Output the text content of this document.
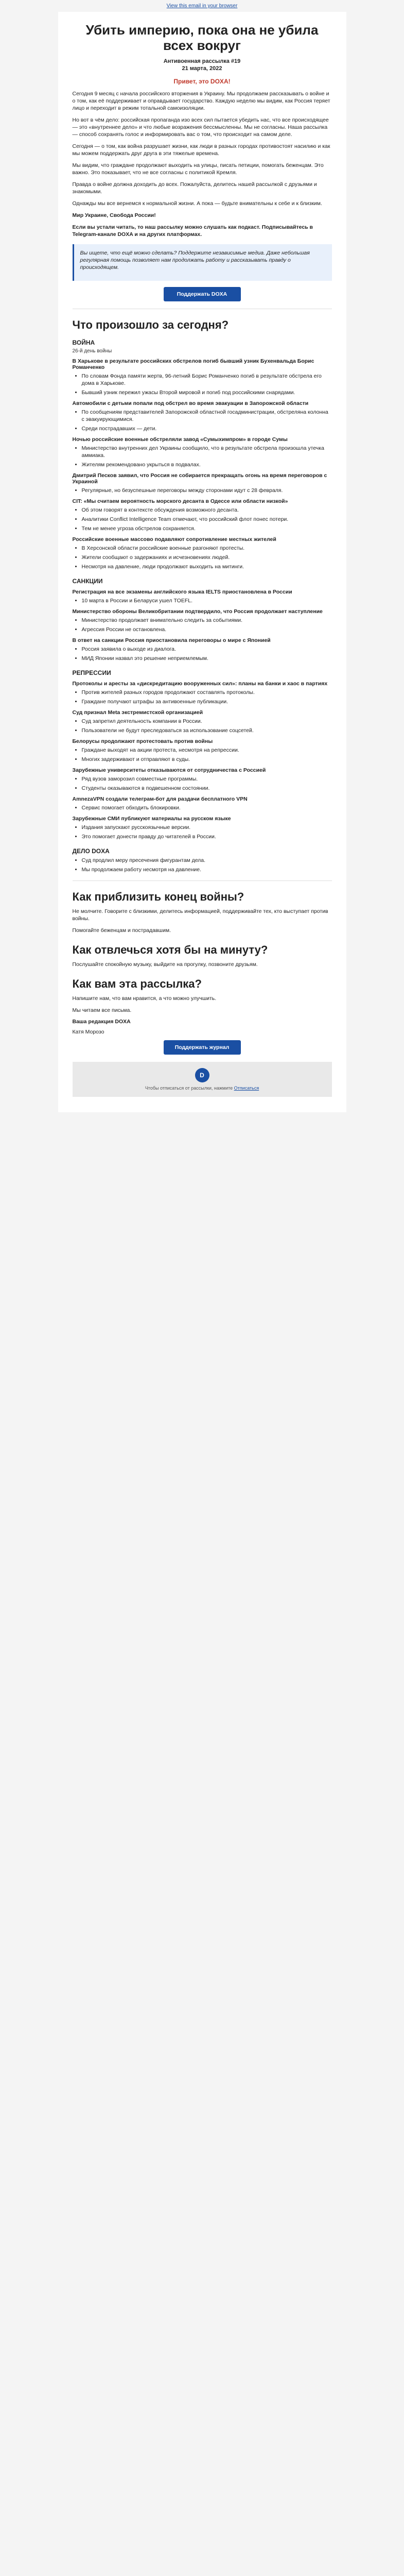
View this email in your browser
Убить империю, пока она не убила всех вокруг
Антивоенная рассылка #19
21 марта, 2022
Привет, это DOXA!

Сегодня 9 месяц с начала российского вторжения в Украину. Мы продолжаем рассказывать о войне и о том, как её поддерживает и оправдывает государство. Каждую неделю мы видим, как Россия теряет лицо и переходит в режим тотальной самоизоляции.

Но вот в чём дело: российская пропаганда изо всех сил пытается убедить нас, что все происходящее — это «внутреннее дело» и что любые возражения бессмысленны. Мы не согласны. Наша рассылка — способ сохранять голос и информировать вас о том, что происходит на самом деле.

Сегодня — о том, как война разрушает жизни, как люди в разных городах противостоят насилию и как мы можем поддержать друг друга в эти тяжелые времена.

Мы видим, что граждане продолжают выходить на улицы, писать петиции, помогать беженцам. Это важно. Это показывает, что не все согласны с политикой Кремля.

Правда о войне должна доходить до всех. Пожалуйста, делитесь нашей рассылкой с друзьями и знакомыми.

Однажды мы все вернемся к нормальной жизни. А пока — будьте внимательны к себе и к близким.

Мир Украине, Свобода России!

Если вы устали читать, то наш рассылку можно слушать как подкаст. Подписывайтесь в Telegram-канале DOXA и на других платформах.

Вы ищете, что ещё можно сделать? Поддержите независимые медиа. Даже небольшая регулярная помощь позволяет нам продолжать работу и рассказывать правду о происходящем.

Поддержать DOXA
Что произошло за сегодня?
ВОЙНА
26-й день войны
В Харькове в результате российских обстрелов погиб бывший узник Бухенвальда Борис Романченко
• По словам Фонда памяти жертв, 96-летний Борис Романченко погиб в результате обстрела его дома в Харькове.
• Бывший узник пережил ужасы Второй мировой и погиб под российскими снарядами.
Автомобили с детьми попали под обстрел во время эвакуации в Запорожской области
• По сообщениям представителей Запорожской областной госадминистрации, обстреляна колонна с эвакуирующимися.
• Среди пострадавших — дети.
Ночью российские военные обстреляли завод «Сумыхимпром» в городе Сумы
• Министерство внутренних дел Украины сообщило, что в результате обстрела произошла утечка аммиака.
• Жителям рекомендовано укрыться в подвалах.
Дмитрий Песков заявил, что Россия не собирается прекращать огонь на время переговоров с Украиной
• Регулярные, но безуспешные переговоры между сторонами идут с 28 февраля.
CIT: «Мы считаем вероятность морского десанта в Одессе или области низкой»
• Об этом говорят в контексте обсуждения возможного десанта.
• Аналитики Conflict Intelligence Team отмечают, что российский флот понес потери.
• Тем не менее угроза обстрелов сохраняется.
Российские военные массово подавляют сопротивление местных жителей
• В Херсонской области российские военные разгоняют протесты.
• Жители сообщают о задержаниях и исчезновениях людей.
• Несмотря на давление, люди продолжают выходить на митинги.
САНКЦИИ
Регистрация на все экзамены английского языка IELTS приостановлена в России
• 10 марта в России и Беларуси ушел TOEFL.
Министерство обороны Великобритании подтвердило, что Россия продолжает наступление
• Министерство продолжает внимательно следить за событиями.
• Агрессия России не остановлена.
В ответ на санкции Россия приостановила переговоры о мире с Японией
• Россия заявила о выходе из диалога.
• МИД Японии назвал это решение неприемлемым.
РЕПРЕССИИ
Протоколы и аресты за «дискредитацию вооруженных сил»: планы на банки и хаос в партиях
• Против жителей разных городов продолжают составлять протоколы.
• Граждане получают штрафы за антивоенные публикации.
Суд признал Meta экстремистской организацией
• Суд запретил деятельность компании в России.
• Пользователи не будут преследоваться за использование соцсетей.
Белорусы продолжают протестовать против войны
• Граждане выходят на акции протеста, несмотря на репрессии.
• Многих задерживают и отправляют в суды.
Зарубежные университеты отказываются от сотрудничества с Россией
• Ряд вузов заморозил совместные программы.
• Студенты оказываются в подвешенном состоянии.
AmnezaVPN создали телеграм-бот для раздачи бесплатного VPN
• Сервис помогает обходить блокировки.
Зарубежные СМИ публикуют материалы на русском языке
• Издания запускают русскоязычные версии.
• Это помогает донести правду до читателей в России.
ДЕЛО DOXA
• Суд продлил меру пресечения фигурантам дела.
• Мы продолжаем работу несмотря на давление.
Как приблизить конец войны?

Не молчите. Говорите с близкими, делитесь информацией, поддерживайте тех, кто выступает против войны.

Помогайте беженцам и пострадавшим.

Как отвлечься хотя бы на минуту?

Послушайте спокойную музыку, выйдите на прогулку, позвоните друзьям.

Как вам эта рассылка?

Напишите нам, что вам нравится, а что можно улучшить.

Мы читаем все письма.

Ваша редакция DOXA
Катя Морозо
Поддержать журнал
D
Чтобы отписаться от рассылки, нажмите Отписаться
